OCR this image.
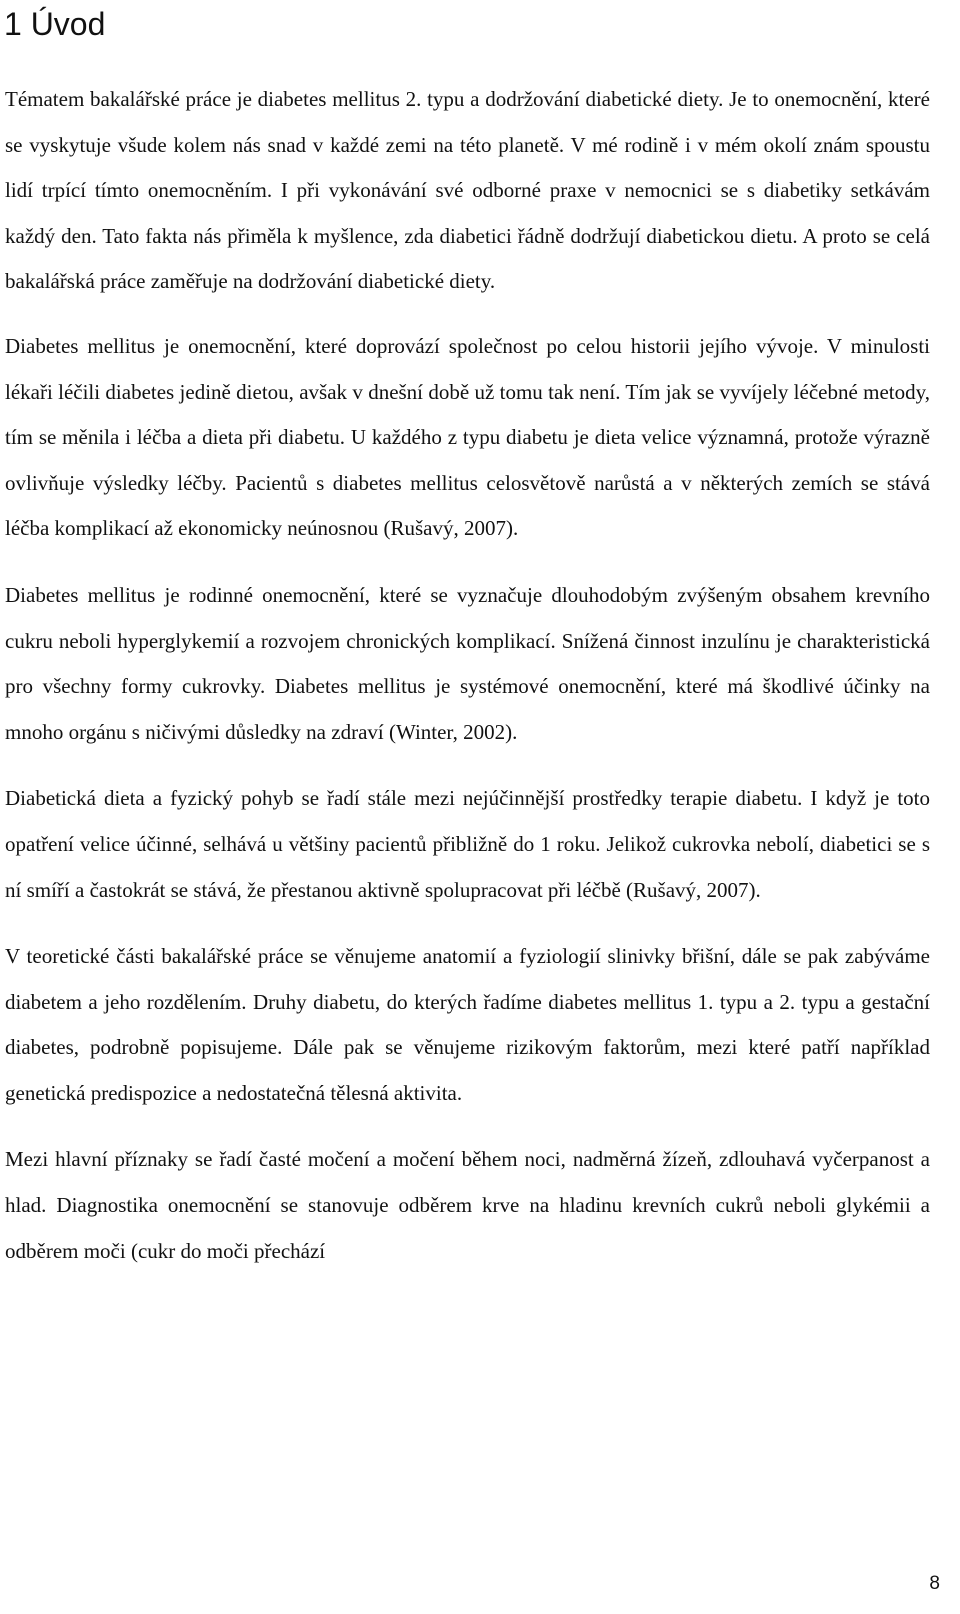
1 Úvod

Tématem bakalářské práce je diabetes mellitus 2. typu a dodržování diabetické diety. Je to onemocnění, které se vyskytuje všude kolem nás snad v každé zemi na této planetě. V mé rodině i v mém okolí znám spoustu lidí trpící tímto onemocněním. I při vykonávání své odborné praxe v nemocnici se s diabetiky setkávám každý den. Tato fakta nás přiměla k myšlence, zda diabetici řádně dodržují diabetickou dietu. A proto se celá bakalářská práce zaměřuje na dodržování diabetické diety.

Diabetes mellitus je onemocnění, které doprovází společnost po celou historii jejího vývoje. V minulosti lékaři léčili diabetes jedině dietou, avšak v dnešní době už tomu tak není. Tím jak se vyvíjely léčebné metody, tím se měnila i léčba a dieta při diabetu. U každého z typu diabetu je dieta velice významná, protože výrazně ovlivňuje výsledky léčby. Pacientů s diabetes mellitus celosvětově narůstá a v některých zemích se stává léčba komplikací až ekonomicky neúnosnou (Rušavý, 2007).

Diabetes mellitus je rodinné onemocnění, které se vyznačuje dlouhodobým zvýšeným obsahem krevního cukru neboli hyperglykemií a rozvojem chronických komplikací. Snížená činnost inzulínu je charakteristická pro všechny formy cukrovky. Diabetes mellitus je systémové onemocnění, které má škodlivé účinky na mnoho orgánu s ničivými důsledky na zdraví (Winter, 2002).

Diabetická dieta a fyzický pohyb se řadí stále mezi nejúčinnější prostředky terapie diabetu. I když je toto opatření velice účinné, selhává u většiny pacientů přibližně do 1 roku. Jelikož cukrovka nebolí, diabetici se s ní smíří a častokrát se stává, že přestanou aktivně spolupracovat při léčbě (Rušavý, 2007).

V teoretické části bakalářské práce se věnujeme anatomií a fyziologií slinivky břišní, dále se pak zabýváme diabetem a jeho rozdělením. Druhy diabetu, do kterých řadíme diabetes mellitus 1. typu a 2. typu a gestační diabetes, podrobně popisujeme. Dále pak se věnujeme rizikovým faktorům, mezi které patří například genetická predispozice a nedostatečná tělesná aktivita.

Mezi hlavní příznaky se řadí časté močení a močení během noci, nadměrná žízeň, zdlouhavá vyčerpanost a hlad. Diagnostika onemocnění se stanovuje odběrem krve na hladinu krevních cukrů neboli glykémii a odběrem moči (cukr do moči přechází

8
